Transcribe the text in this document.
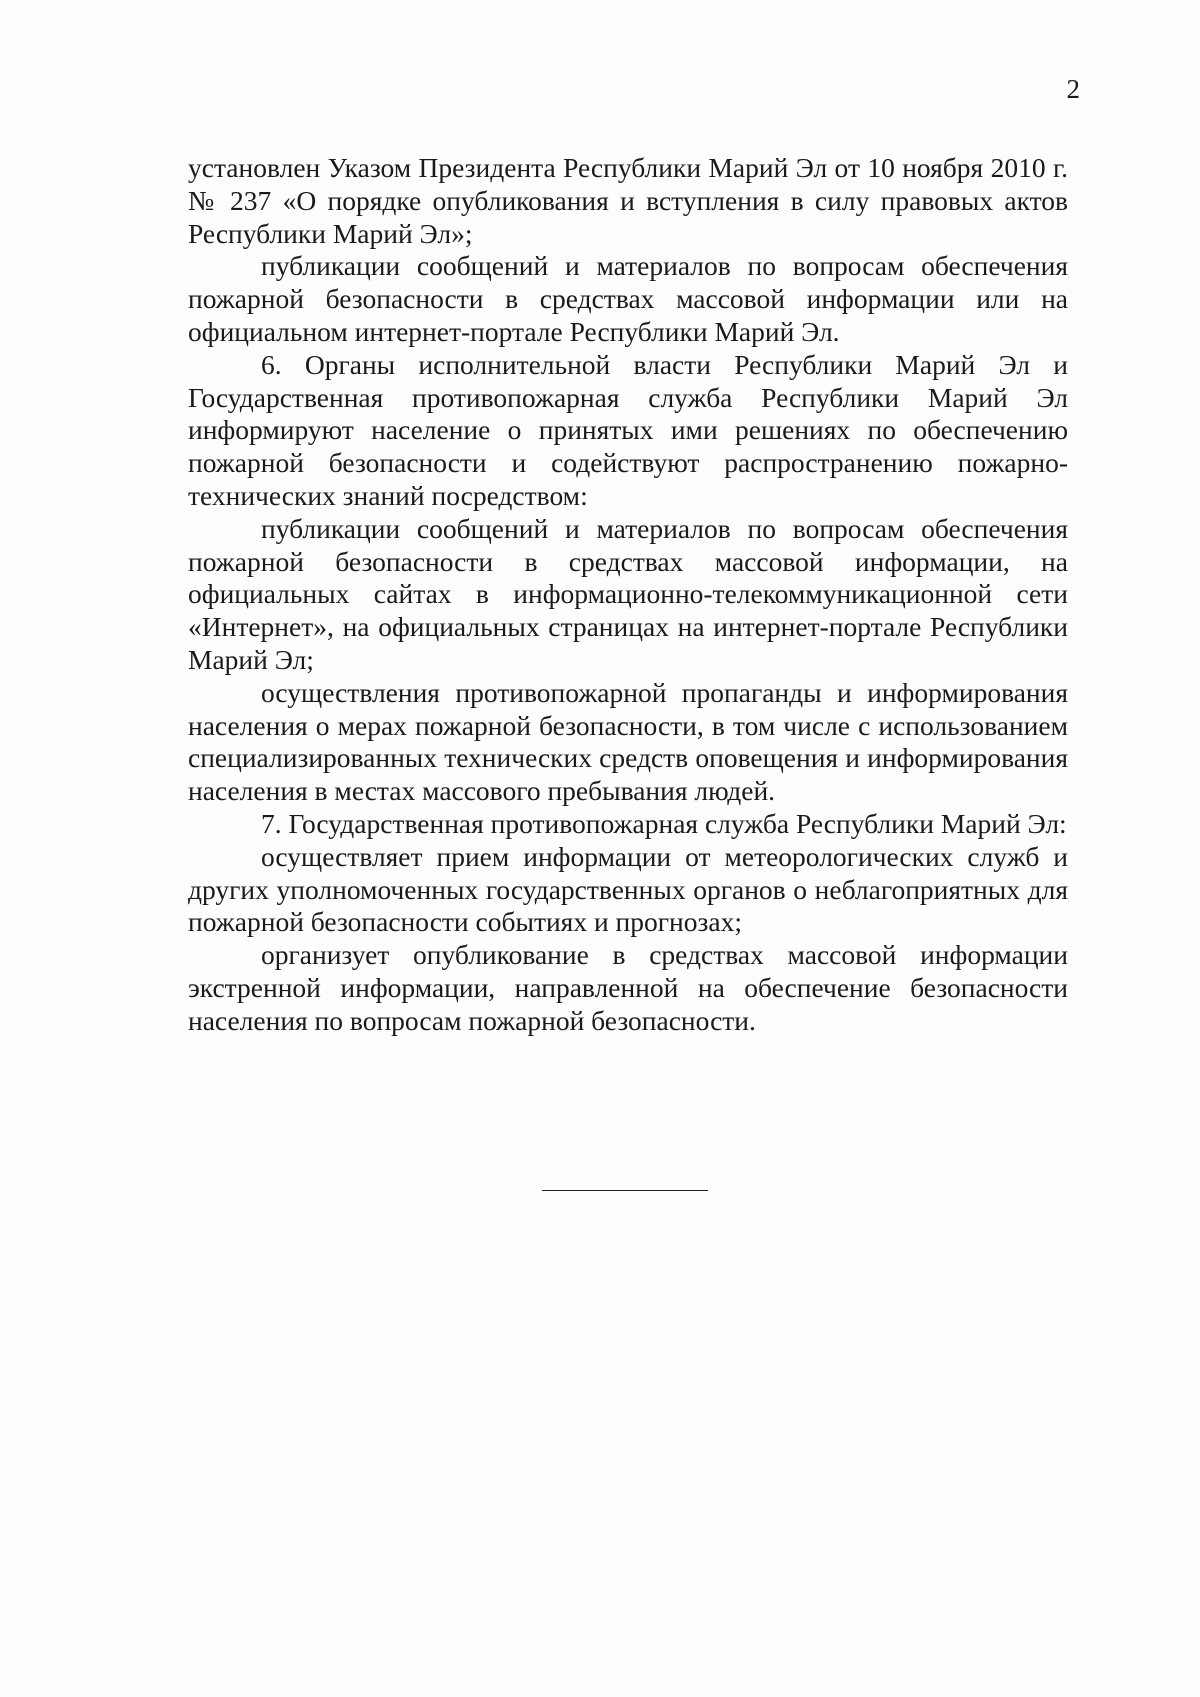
2

установлен Указом Президента Республики Марий Эл от 10 ноября 2010 г. № 237 «О порядке опубликования и вступления в силу правовых актов Республики Марий Эл»;

публикации сообщений и материалов по вопросам обеспечения пожарной безопасности в средствах массовой информации или на официальном интернет-портале Республики Марий Эл.

6. Органы исполнительной власти Республики Марий Эл и Государственная противопожарная служба Республики Марий Эл информируют население о принятых ими решениях по обеспечению пожарной безопасности и содействуют распространению пожарно-технических знаний посредством:

публикации сообщений и материалов по вопросам обеспечения пожарной безопасности в средствах массовой информации, на официальных сайтах в информационно-телекоммуникационной сети «Интернет», на официальных страницах на интернет-портале Республики Марий Эл;

осуществления противопожарной пропаганды и информирования населения о мерах пожарной безопасности, в том числе с использованием специализированных технических средств оповещения и информирования населения в местах массового пребывания людей.

7. Государственная противопожарная служба Республики Марий Эл:

осуществляет прием информации от метеорологических служб и других уполномоченных государственных органов о неблагоприятных для пожарной безопасности событиях и прогнозах;

организует опубликование в средствах массовой информации экстренной информации, направленной на обеспечение безопасности населения по вопросам пожарной безопасности.
